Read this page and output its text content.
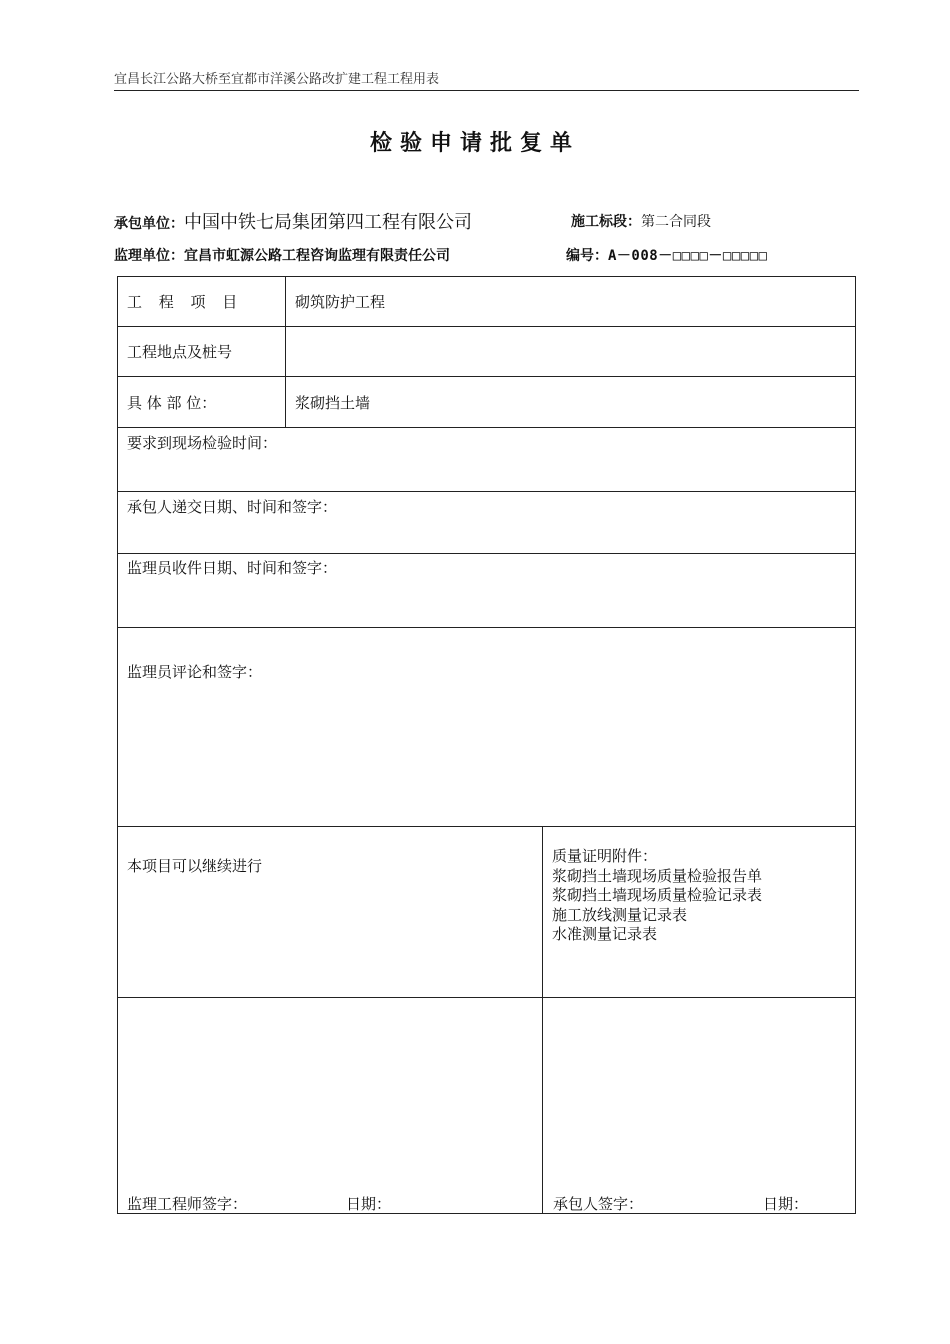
宜昌长江公路大桥至宜都市洋溪公路改扩建工程工程用表
检验申请批复单
承包单位：中国中铁七局集团第四工程有限公司	施工标段：第二合同段
监理单位：宜昌市虹源公路工程咨询监理有限责任公司	编号：A－008－□□□□－□□□□□
工 程 项 目	砌筑防护工程
工程地点及桩号
具 体 部 位：	浆砌挡土墙
要求到现场检验时间：
承包人递交日期、时间和签字：
监理员收件日期、时间和签字：
监理员评论和签字：
本项目可以继续进行
质量证明附件：
浆砌挡土墙现场质量检验报告单
浆砌挡土墙现场质量检验记录表
施工放线测量记录表
水准测量记录表
监理工程师签字：	日期：	承包人签字：	日期：
